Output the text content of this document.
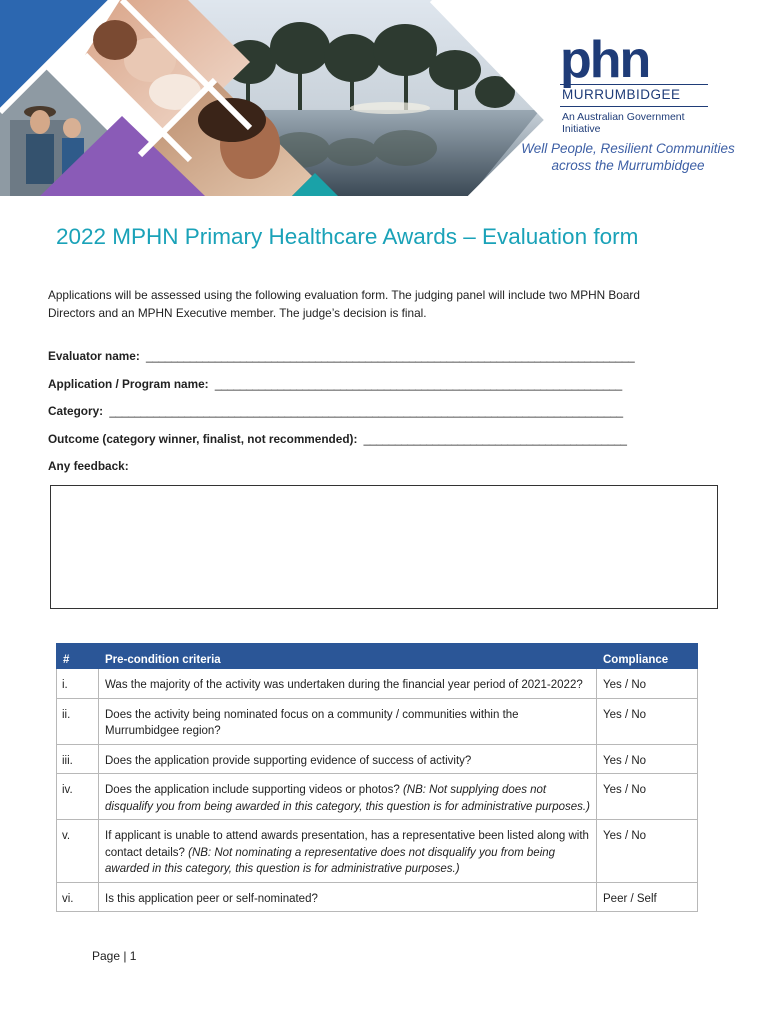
phn
MURRUMBIDGEE
An Australian Government Initiative
Well People, Resilient Communities
across the Murrumbidgee
2022 MPHN Primary Healthcare Awards – Evaluation form

Applications will be assessed using the following evaluation form. The judging panel will include two MPHN Board Directors and an MPHN Executive member. The judge’s decision is final.

Evaluator name:  ______________________________________________________________________________
Application / Program name:  _________________________________________________________________
Category:  __________________________________________________________________________________
Outcome (category winner, finalist, not recommended):  __________________________________________
Any feedback:
#	Pre-condition criteria	Compliance
i.	Was the majority of the activity was undertaken during the financial year period of 2021-2022?	Yes / No
ii.	Does the activity being nominated focus on a community / communities within the Murrumbidgee region?	Yes / No
iii.	Does the application provide supporting evidence of success of activity?	Yes / No
iv.	Does the application include supporting videos or photos? (NB: Not supplying does not disqualify you from being awarded in this category, this question is for administrative purposes.)	Yes / No
v.	If applicant is unable to attend awards presentation, has a representative been listed along with contact details? (NB: Not nominating a representative does not disqualify you from being awarded in this category, this question is for administrative purposes.)	Yes / No
vi.	Is this application peer or self-nominated?	Peer / Self
Page | 1
